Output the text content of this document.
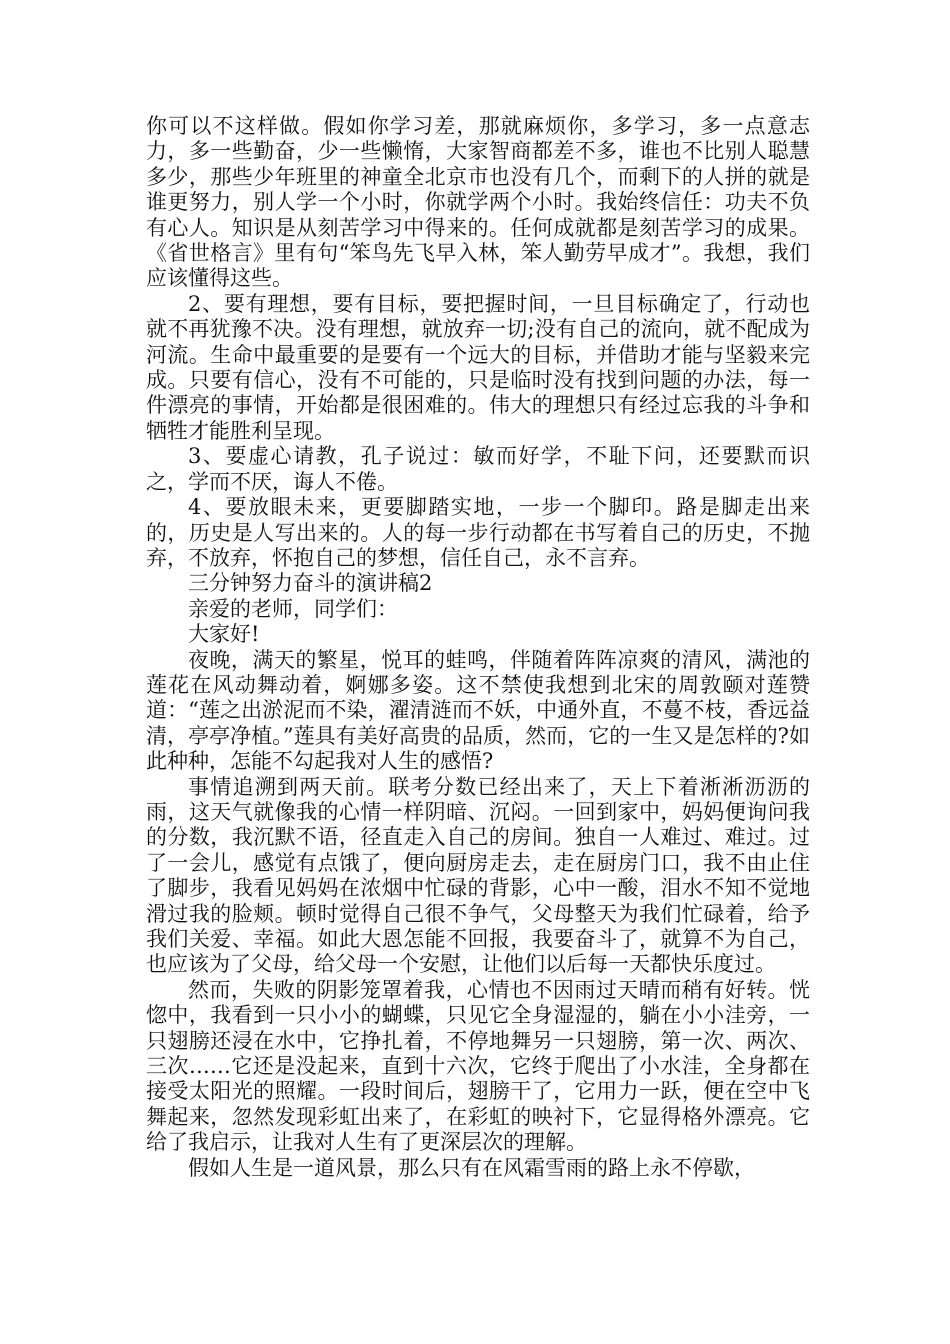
你可以不这样做。假如你学习差，那就麻烦你，多学习，多一点意志力，多一些勤奋，少一些懒惰，大家智商都差不多，谁也不比别人聪慧多少，那些少年班里的神童全北京市也没有几个，而剩下的人拼的就是谁更努力，别人学一个小时，你就学两个小时。我始终信任：功夫不负有心人。知识是从刻苦学习中得来的。任何成就都是刻苦学习的成果。《省世格言》里有句“笨鸟先飞早入林，笨人勤劳早成才”。我想，我们应该懂得这些。

2、要有理想，要有目标，要把握时间，一旦目标确定了，行动也就不再犹豫不决。没有理想，就放弃一切;没有自己的流向，就不配成为河流。生命中最重要的是要有一个远大的目标，并借助才能与坚毅来完成。只要有信心，没有不可能的，只是临时没有找到问题的办法，每一件漂亮的事情，开始都是很困难的。伟大的理想只有经过忘我的斗争和牺牲才能胜利呈现。

3、要虚心请教，孔子说过：敏而好学，不耻下问，还要默而识之，学而不厌，诲人不倦。

4、要放眼未来，更要脚踏实地，一步一个脚印。路是脚走出来的，历史是人写出来的。人的每一步行动都在书写着自己的历史，不抛弃，不放弃，怀抱自己的梦想，信任自己，永不言弃。

三分钟努力奋斗的演讲稿2

亲爱的老师，同学们：

大家好!

夜晚，满天的繁星，悦耳的蛙鸣，伴随着阵阵凉爽的清风，满池的莲花在风动舞动着，婀娜多姿。这不禁使我想到北宋的周敦颐对莲赞道：“莲之出淤泥而不染，濯清涟而不妖，中通外直，不蔓不枝，香远益清，亭亭净植。”莲具有美好高贵的品质，然而，它的一生又是怎样的?如此种种，怎能不勾起我对人生的感悟?

事情追溯到两天前。联考分数已经出来了，天上下着淅淅沥沥的雨，这天气就像我的心情一样阴暗、沉闷。一回到家中，妈妈便询问我的分数，我沉默不语，径直走入自己的房间。独自一人难过、难过。过了一会儿，感觉有点饿了，便向厨房走去，走在厨房门口，我不由止住了脚步，我看见妈妈在浓烟中忙碌的背影，心中一酸，泪水不知不觉地滑过我的脸颊。顿时觉得自己很不争气，父母整天为我们忙碌着，给予我们关爱、幸福。如此大恩怎能不回报，我要奋斗了，就算不为自己，也应该为了父母，给父母一个安慰，让他们以后每一天都快乐度过。

然而，失败的阴影笼罩着我，心情也不因雨过天晴而稍有好转。恍惚中，我看到一只小小的蝴蝶，只见它全身湿湿的，躺在小小洼旁，一只翅膀还浸在水中，它挣扎着，不停地舞另一只翅膀，第一次、两次、三次……它还是没起来，直到十六次，它终于爬出了小水洼，全身都在接受太阳光的照耀。一段时间后，翅膀干了，它用力一跃，便在空中飞舞起来，忽然发现彩虹出来了，在彩虹的映衬下，它显得格外漂亮。它给了我启示，让我对人生有了更深层次的理解。

假如人生是一道风景，那么只有在风霜雪雨的路上永不停歇，
